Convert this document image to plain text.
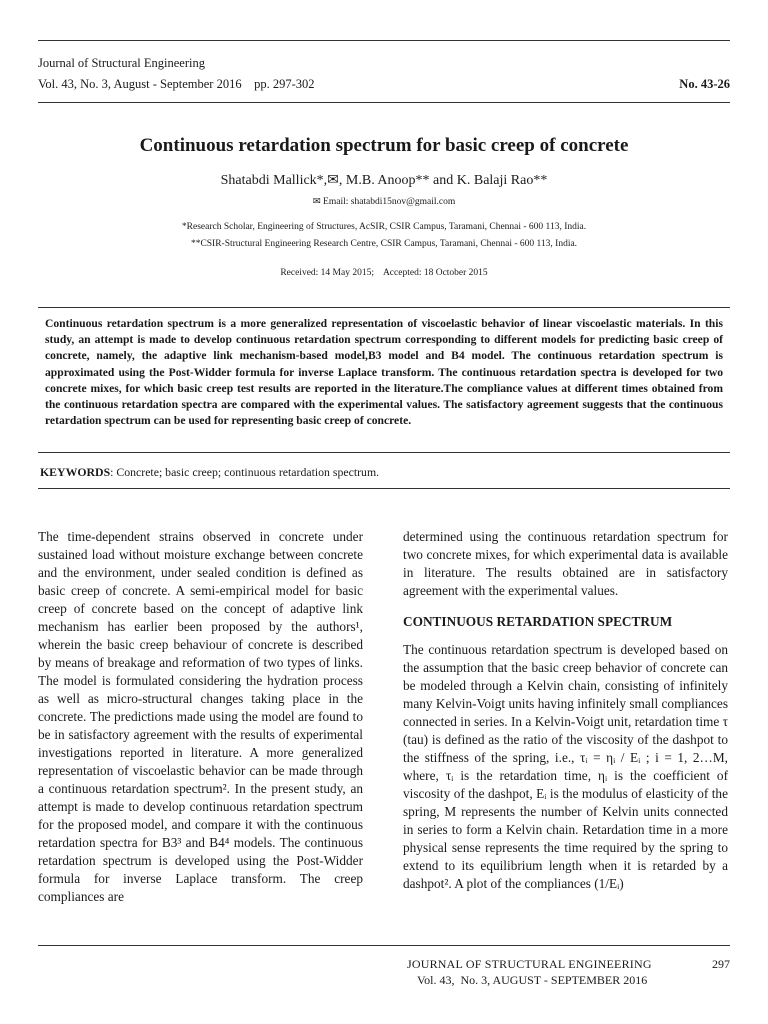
Journal of Structural Engineering
Vol. 43, No. 3, August - September 2016    pp. 297-302	No. 43-26
Continuous retardation spectrum for basic creep of concrete
Shatabdi Mallick*,✉, M.B. Anoop** and K. Balaji Rao**
✉ Email: shatabdi15nov@gmail.com
*Research Scholar, Engineering of Structures, AcSIR, CSIR Campus, Taramani, Chennai - 600 113, India.
**CSIR-Structural Engineering Research Centre, CSIR Campus, Taramani, Chennai - 600 113, India.
Received: 14 May 2015;    Accepted: 18 October 2015
Continuous retardation spectrum is a more generalized representation of viscoelastic behavior of linear viscoelastic materials. In this study, an attempt is made to develop continuous retardation spectrum corresponding to different models for predicting basic creep of concrete, namely, the adaptive link mechanism-based model,B3 model and B4 model. The continuous retardation spectrum is approximated using the Post-Widder formula for inverse Laplace transform. The continuous retardation spectra is developed for two concrete mixes, for which basic creep test results are reported in the literature.The compliance values at different times obtained from the continuous retardation spectra are compared with the experimental values. The satisfactory agreement suggests that the continuous retardation spectrum can be used for representing basic creep of concrete.
KEYWORDS: Concrete; basic creep; continuous retardation spectrum.

The time-dependent strains observed in concrete under sustained load without moisture exchange between concrete and the environment, under sealed condition is defined as basic creep of concrete. A semi-empirical model for basic creep of concrete based on the concept of adaptive link mechanism has earlier been proposed by the authors¹, wherein the basic creep behaviour of concrete is described by means of breakage and reformation of two types of links. The model is formulated considering the hydration process as well as micro-structural changes taking place in the concrete. The predictions made using the model are found to be in satisfactory agreement with the results of experimental investigations reported in literature. A more generalized representation of viscoelastic behavior can be made through a continuous retardation spectrum². In the present study, an attempt is made to develop continuous retardation spectrum for the proposed model, and compare it with the continuous retardation spectra for B3³ and B4⁴ models. The continuous retardation spectrum is developed using the Post-Widder formula for inverse Laplace transform. The creep compliances are

determined using the continuous retardation spectrum for two concrete mixes, for which experimental data is available in literature. The results obtained are in satisfactory agreement with the experimental values.

CONTINUOUS RETARDATION SPECTRUM

The continuous retardation spectrum is developed based on the assumption that the basic creep behavior of concrete can be modeled through a Kelvin chain, consisting of infinitely many Kelvin-Voigt units having infinitely small compliances connected in series. In a Kelvin-Voigt unit, retardation time τ (tau) is defined as the ratio of the viscosity of the dashpot to the stiffness of the spring, i.e., τᵢ = ηᵢ / Eᵢ ; i = 1, 2…M, where, τᵢ is the retardation time, ηᵢ is the coefficient of viscosity of the dashpot, Eᵢ is the modulus of elasticity of the spring, M represents the number of Kelvin units connected in series to form a Kelvin chain. Retardation time in a more physical sense represents the time required by the spring to extend to its equilibrium length when it is retarded by a dashpot². A plot of the compliances (1/Eᵢ)

JOURNAL OF STRUCTURAL ENGINEERING	297
Vol. 43,  No. 3, AUGUST - SEPTEMBER 2016
